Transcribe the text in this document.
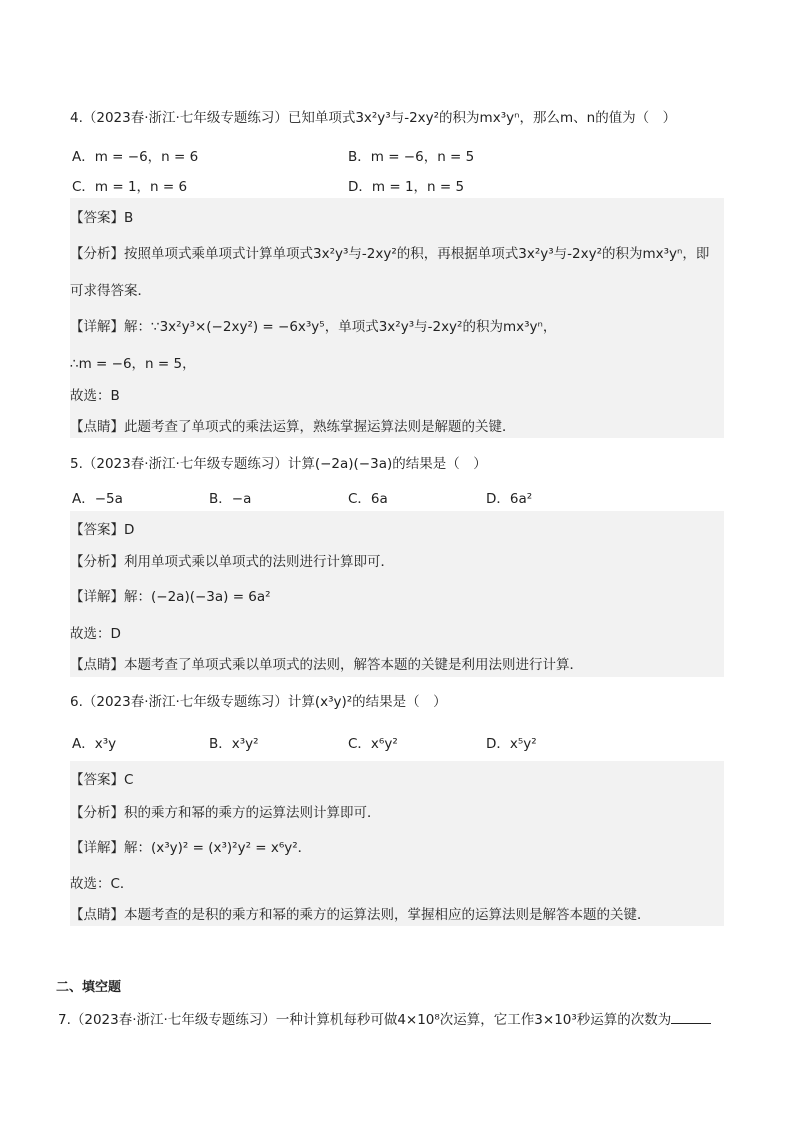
4.（2023春·浙江·七年级专题练习）已知单项式3x²y³与-2xy²的积为mx³yⁿ，那么m、n的值为（　）
A．m = −6，n = 6	B．m = −6，n = 5
C．m = 1，n = 6	D．m = 1，n = 5
【答案】B
【分析】按照单项式乘单项式计算单项式3x²y³与-2xy²的积，再根据单项式3x²y³与-2xy²的积为mx³yⁿ，即
可求得答案．
【详解】解：∵3x²y³×(−2xy²) = −6x³y⁵，单项式3x²y³与-2xy²的积为mx³yⁿ，
∴m = −6，n = 5，
故选：B
【点睛】此题考查了单项式的乘法运算，熟练掌握运算法则是解题的关键．
5.（2023春·浙江·七年级专题练习）计算(−2a)(−3a)的结果是（　）
A．−5a	B．−a	C．6a	D．6a²
【答案】D
【分析】利用单项式乘以单项式的法则进行计算即可．
【详解】解：(−2a)(−3a) = 6a²
故选：D
【点睛】本题考查了单项式乘以单项式的法则，解答本题的关键是利用法则进行计算．
6.（2023春·浙江·七年级专题练习）计算(x³y)²的结果是（　）
A．x³y	B．x³y²	C．x⁶y²	D．x⁵y²
【答案】C
【分析】积的乘方和幂的乘方的运算法则计算即可．
【详解】解：(x³y)² = (x³)²y² = x⁶y²．
故选：C．
【点睛】本题考查的是积的乘方和幂的乘方的运算法则，掌握相应的运算法则是解答本题的关键．
二、填空题
7.（2023春·浙江·七年级专题练习）一种计算机每秒可做4×10⁸次运算，它工作3×10³秒运算的次数为
